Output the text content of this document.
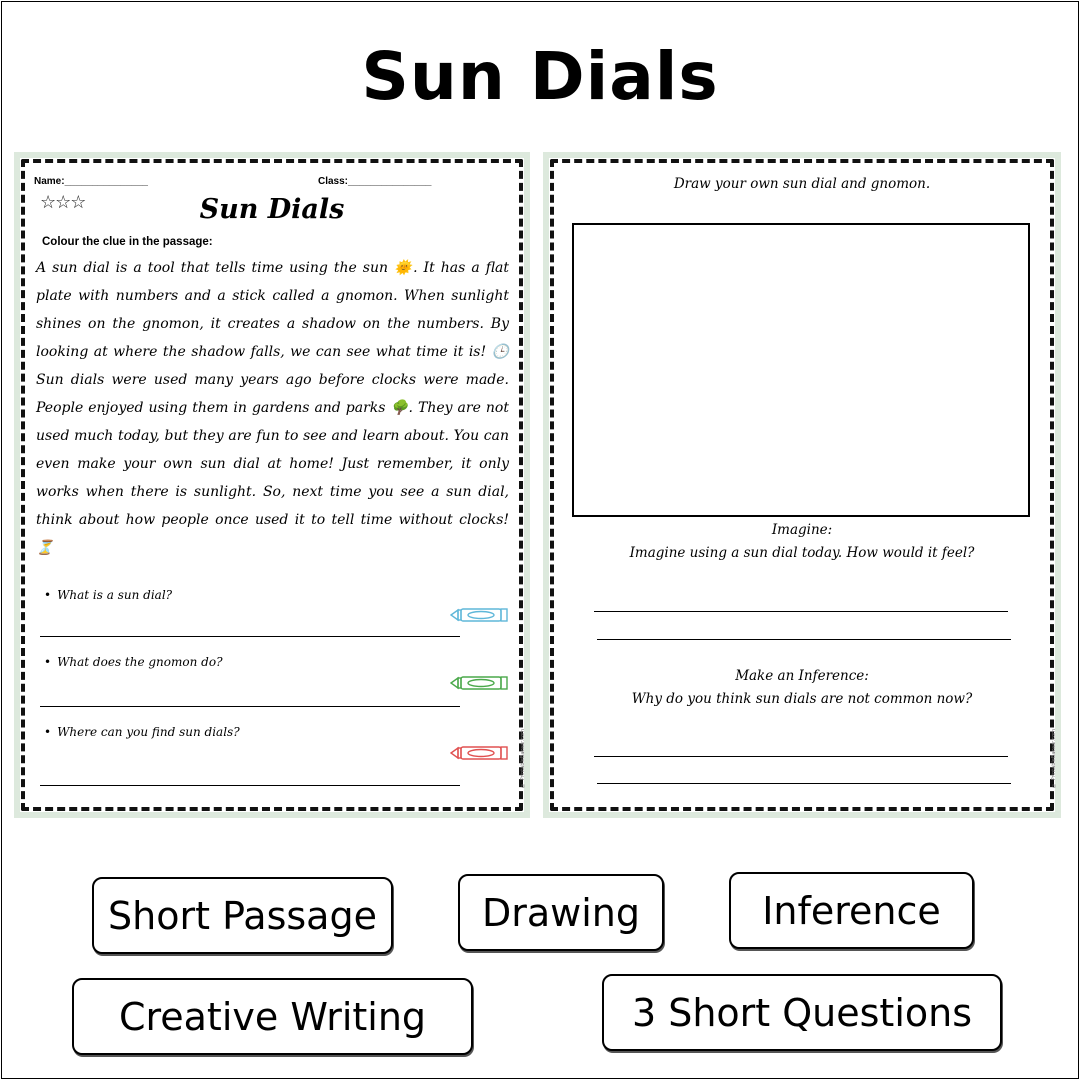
Sun Dials
Name:_______________	Class:_______________
☆☆☆	Sun Dials
Colour the clue in the passage:

A sun dial is a tool that tells time using the sun 🌞. It has a flat plate with numbers and a stick called a gnomon. When sunlight shines on the gnomon, it creates a shadow on the numbers. By looking at where the shadow falls, we can see what time it is! 🕒 Sun dials were used many years ago before clocks were made. People enjoyed using them in gardens and parks 🌳. They are not used much today, but they are fun to see and learn about. You can even make your own sun dial at home! Just remember, it only works when there is sunlight. So, next time you see a sun dial, think about how people once used it to tell time without clocks! ⏳

• What is a sun dial?
• What does the gnomon do?
• Where can you find sun dials?	© PrintableBazaar.com
Draw your own sun dial and gnomon.
Imagine:
Imagine using a sun dial today. How would it feel?
Make an Inference:
Why do you think sun dials are not common now?
© PrintableBazaar.com
Short Passage	Drawing	Inference
Creative Writing	3 Short Questions
